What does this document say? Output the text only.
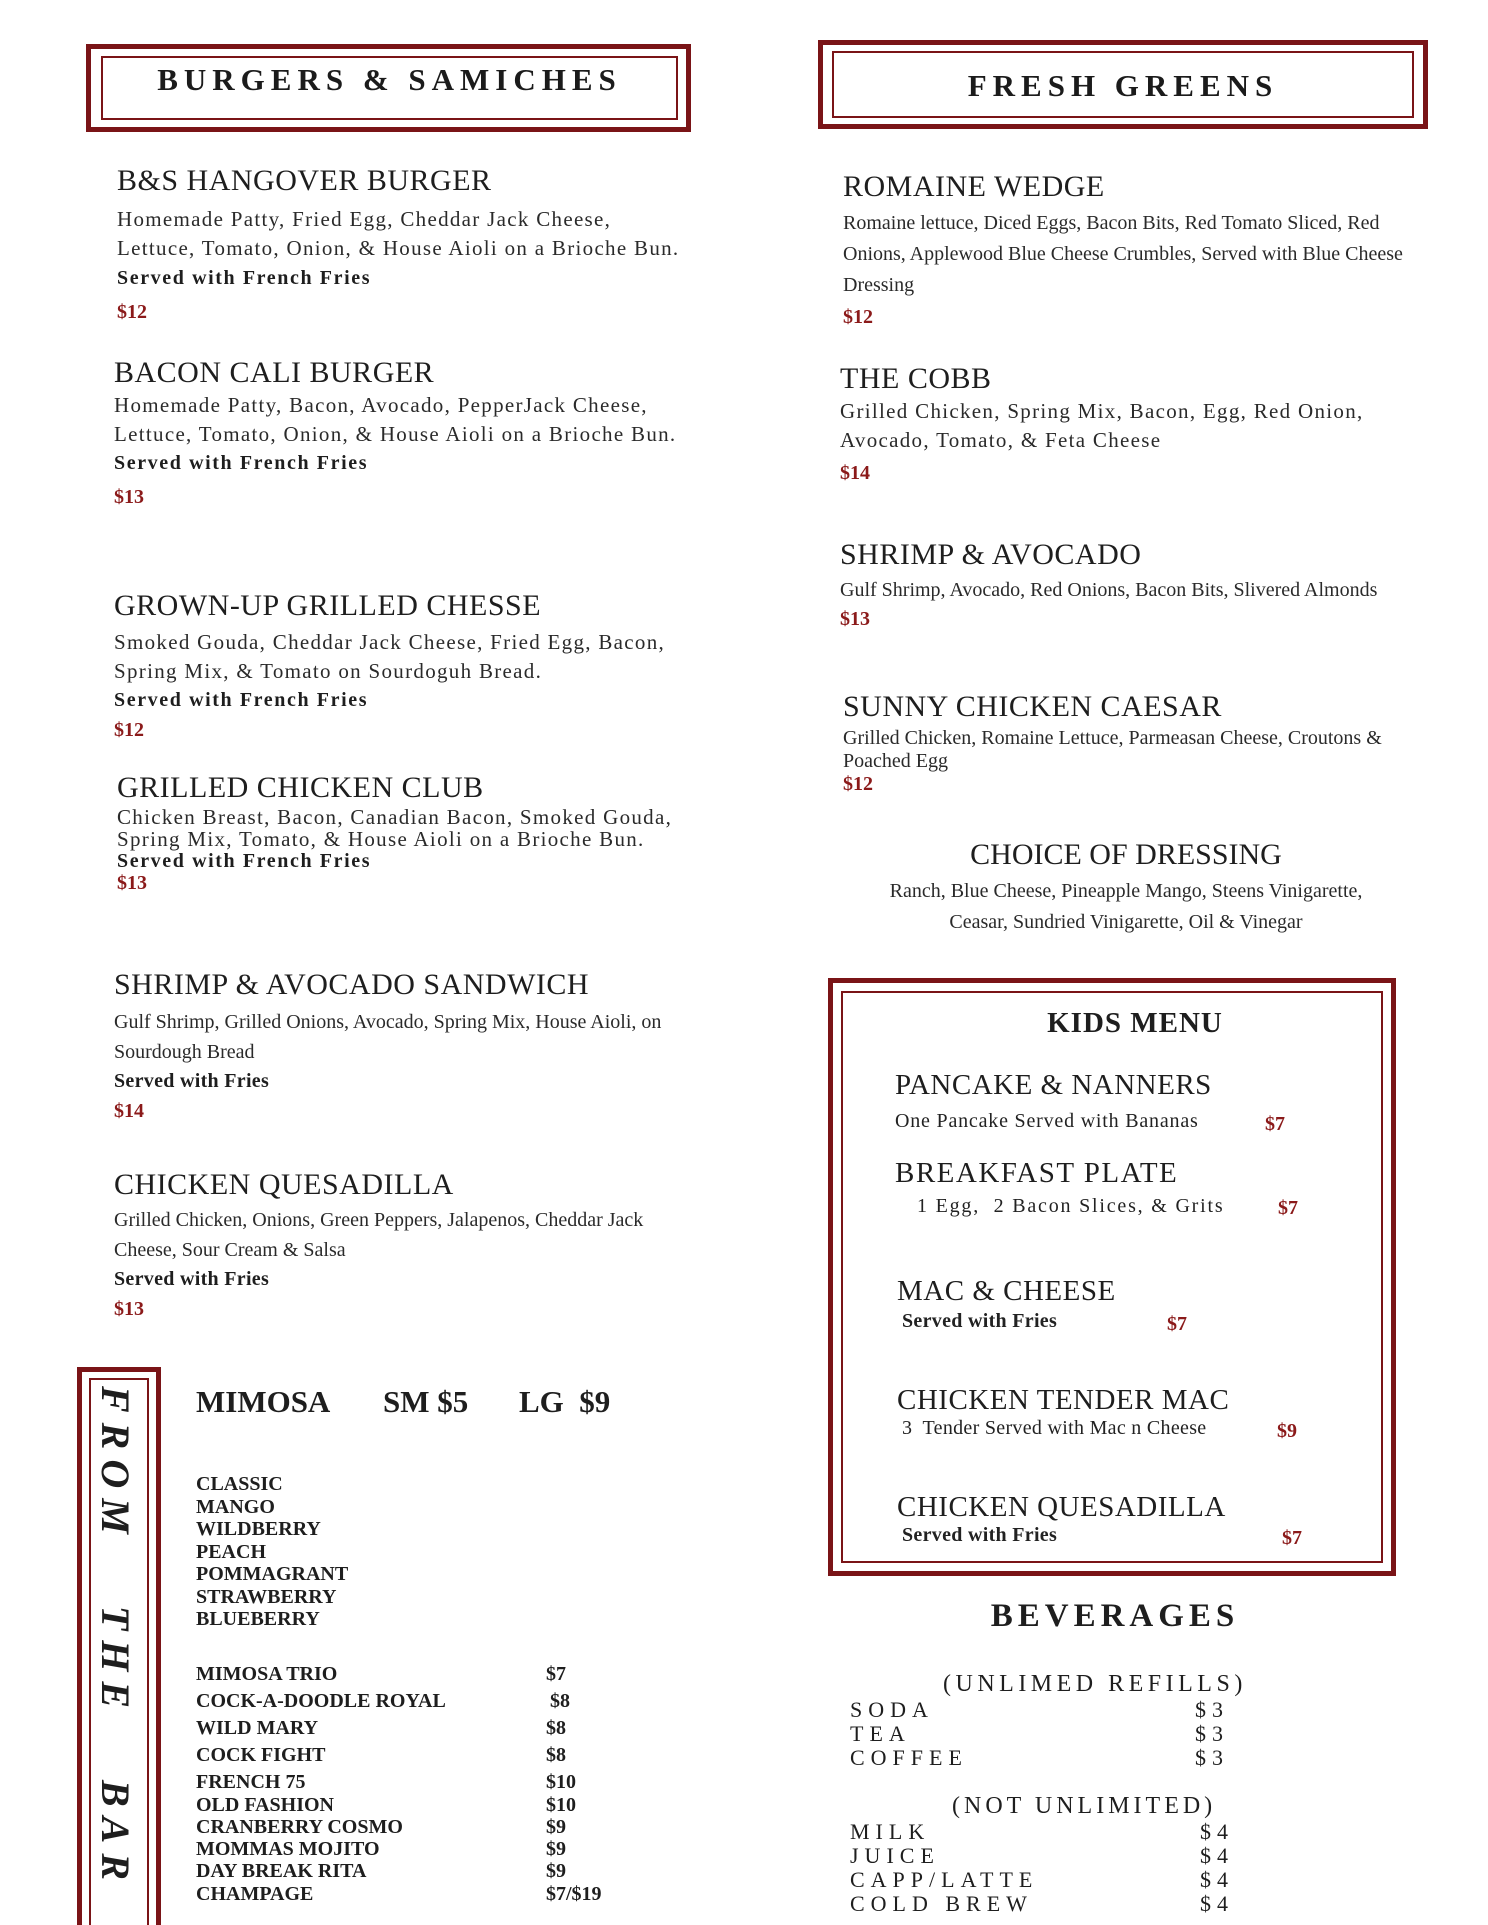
BURGERS & SAMICHES
B&S HANGOVER BURGER
Homemade Patty, Fried Egg, Cheddar Jack Cheese, Lettuce, Tomato, Onion, & House Aioli on a Brioche Bun. Served with French Fries
$12
BACON CALI BURGER
Homemade Patty, Bacon, Avocado, PepperJack Cheese, Lettuce, Tomato, Onion, & House Aioli on a Brioche Bun.
Served with French Fries
$13
GROWN-UP GRILLED CHESSE
Smoked Gouda, Cheddar Jack Cheese, Fried Egg, Bacon, Spring Mix, & Tomato on Sourdoguh Bread.
Served with French Fries
$12
GRILLED CHICKEN CLUB
Chicken Breast, Bacon, Canadian Bacon, Smoked Gouda, Spring Mix, Tomato, & House Aioli on a Brioche Bun.
Served with French Fries
$13
SHRIMP & AVOCADO SANDWICH
Gulf Shrimp, Grilled Onions, Avocado, Spring Mix, House Aioli, on Sourdough Bread
Served with Fries
$14
CHICKEN QUESADILLA
Grilled Chicken, Onions, Green Peppers, Jalapenos, Cheddar Jack Cheese, Sour Cream & Salsa
Served with Fries
$13
FRESH GREENS
ROMAINE WEDGE
Romaine lettuce, Diced Eggs, Bacon Bits, Red Tomato Sliced, Red Onions, Applewood Blue Cheese Crumbles, Served with Blue Cheese Dressing
$12
THE COBB
Grilled Chicken, Spring Mix, Bacon, Egg, Red Onion, Avocado, Tomato, & Feta Cheese
$14
SHRIMP & AVOCADO
Gulf Shrimp, Avocado, Red Onions, Bacon Bits, Slivered Almonds
$13
SUNNY CHICKEN CAESAR
Grilled Chicken, Romaine Lettuce, Parmeasan Cheese, Croutons & Poached Egg
$12
CHOICE OF DRESSING
Ranch, Blue Cheese, Pineapple Mango, Steens Vinigarette,
Ceasar, Sundried Vinigarette, Oil & Vinegar
KIDS MENU
PANCAKE & NANNERS
One Pancake Served with Bananas	$7
BREAKFAST PLATE
1 Egg,  2 Bacon Slices, & Grits	$7
MAC & CHEESE
Served with Fries	$7
CHICKEN TENDER MAC
3  Tender Served with Mac n Cheese	$9
CHICKEN QUESADILLA
Served with Fries	$7
BEVERAGES
(UNLIMED REFILLS)
SODA	$3
TEA	$3
COFFEE	$3
(NOT UNLIMITED)
MILK	$4
JUICE	$4
CAPP/LATTE	$4
COLD BREW	$4
FROM THE BAR MIMOSA SM $5 LG  $9
CLASSIC
MANGO
WILDBERRY
PEACH
POMMAGRANT
STRAWBERRY
BLUEBERRY
MIMOSA TRIO	$7
COCK-A-DOODLE ROYAL	$8
WILD MARY	$8
COCK FIGHT	$8
FRENCH 75	$10
OLD FASHION	$10
CRANBERRY COSMO	$9
MOMMAS MOJITO	$9
DAY BREAK RITA	$9
CHAMPAGE	$7/$19
